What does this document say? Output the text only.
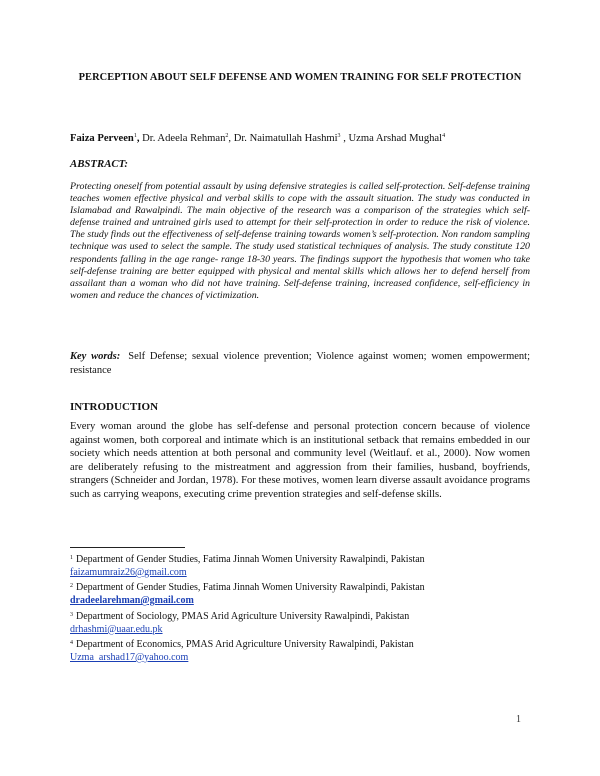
PERCEPTION ABOUT SELF DEFENSE AND WOMEN TRAINING FOR SELF PROTECTION
Faiza Perveen$^1$, Dr. Adeela Rehman$^2$, Dr. Naimatullah Hashmi$^3$ , Uzma Arshad Mughal$^4$
ABSTRACT:
Protecting oneself from potential assault by using defensive strategies is called self-protection. Self-defense training teaches women effective physical and verbal skills to cope with the assault situation. The study was conducted in Islamabad and Rawalpindi. The main objective of the research was a comparison of the strategies which self-defense trained and untrained girls used to attempt for their self-protection in order to reduce the risk of violence. The study finds out the effectiveness of self-defense training towards women’s self-protection. Non random sampling technique was used to select the sample. The study used statistical techniques of analysis. The study constitute 120 respondents falling in the age range- range 18-30 years. The findings support the hypothesis that women who take self-defense training are better equipped with physical and mental skills which allows her to defend herself from assailant than a woman who did not have training. Self-defense training, increased confidence, self-efficiency in women and reduce the chances of victimization.
Key words: Self Defense; sexual violence prevention; Violence against women; women empowerment; resistance
INTRODUCTION
Every woman around the globe has self-defense and personal protection concern because of violence against women, both corporeal and intimate which is an institutional setback that remains embedded in our society which needs attention at both personal and community level (Weitlauf. et al., 2000). Now women are deliberately refusing to the mistreatment and aggression from their families, husband, boyfriends, strangers (Schneider and Jordan, 1978). For these motives, women learn diverse assault avoidance programs such as carrying weapons, executing crime prevention strategies and self-defense skills.
$^1$ Department of Gender Studies, Fatima Jinnah Women University Rawalpindi, Pakistan
faizamumraiz26@gmail.com
$^2$ Department of Gender Studies, Fatima Jinnah Women University Rawalpindi, Pakistan
dradeelarehman@gmail.com
$^3$ Department of Sociology, PMAS Arid Agriculture University Rawalpindi, Pakistan
drhashmi@uaar.edu.pk
$^4$ Department of Economics, PMAS Arid Agriculture University Rawalpindi, Pakistan
Uzma_arshad17@yahoo.com
1
